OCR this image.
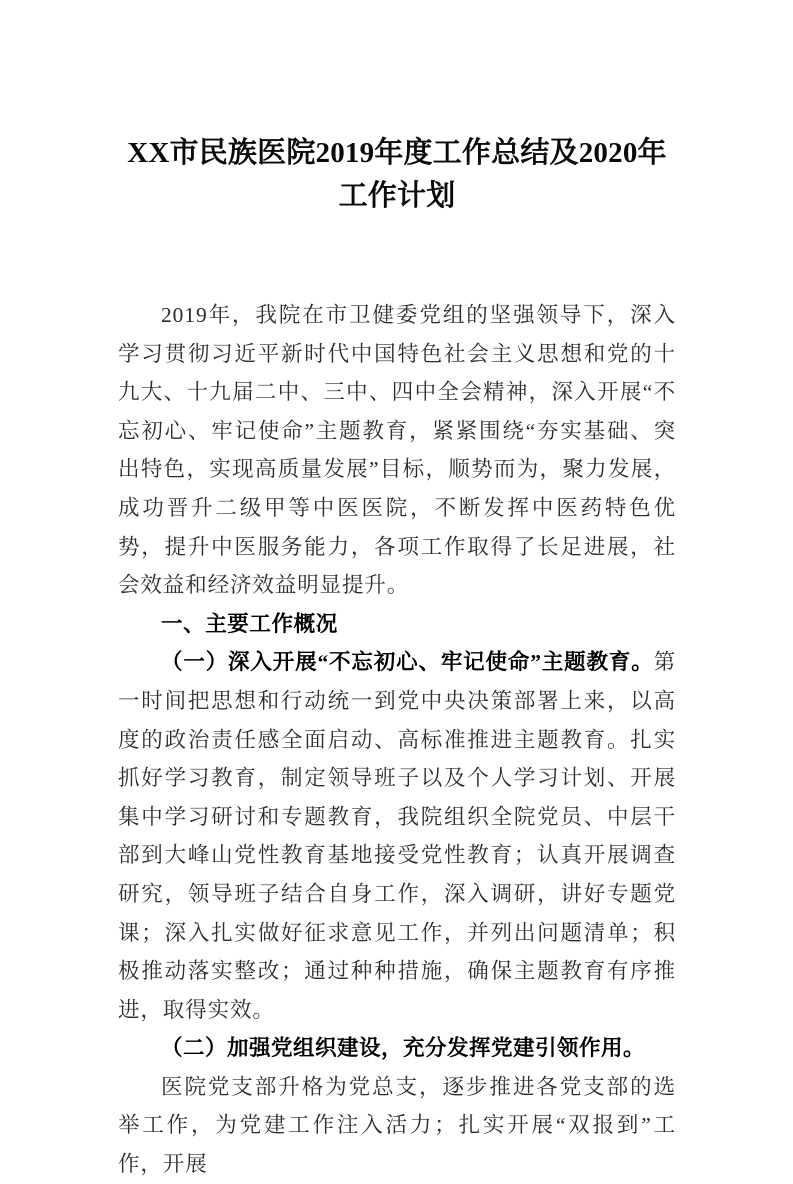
XX市民族医院2019年度工作总结及2020年工作计划

2019年，我院在市卫健委党组的坚强领导下，深入学习贯彻习近平新时代中国特色社会主义思想和党的十九大、十九届二中、三中、四中全会精神，深入开展“不忘初心、牢记使命”主题教育，紧紧围绕“夯实基础、突出特色，实现高质量发展”目标，顺势而为，聚力发展，成功晋升二级甲等中医医院，不断发挥中医药特色优势，提升中医服务能力，各项工作取得了长足进展，社会效益和经济效益明显提升。

一、主要工作概况

（一）深入开展“不忘初心、牢记使命”主题教育。第一时间把思想和行动统一到党中央决策部署上来，以高度的政治责任感全面启动、高标准推进主题教育。扎实抓好学习教育，制定领导班子以及个人学习计划、开展集中学习研讨和专题教育，我院组织全院党员、中层干部到大峰山党性教育基地接受党性教育；认真开展调查研究，领导班子结合自身工作，深入调研，讲好专题党课；深入扎实做好征求意见工作，并列出问题清单；积极推动落实整改；通过种种措施，确保主题教育有序推进，取得实效。

（二）加强党组织建设，充分发挥党建引领作用。

医院党支部升格为党总支，逐步推进各党支部的选举工作，为党建工作注入活力；扎实开展“双报到”工作，开展
